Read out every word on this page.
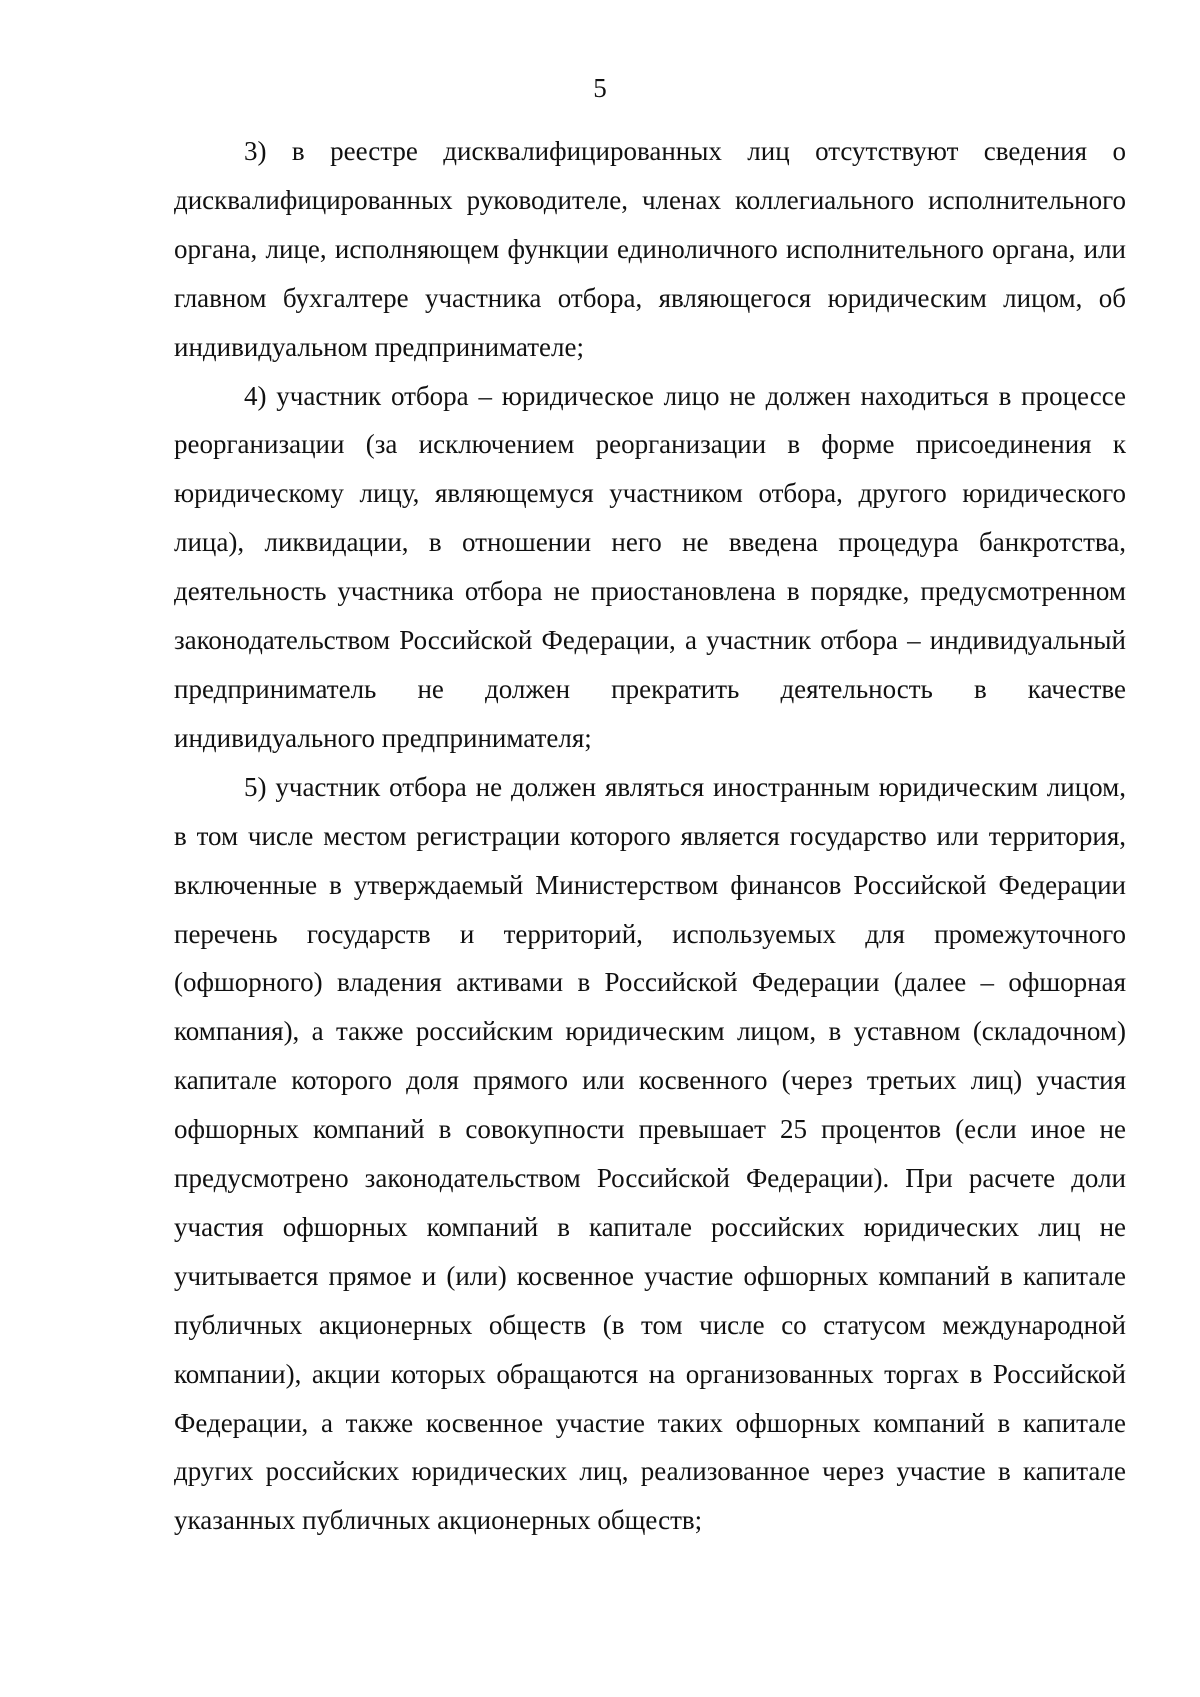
5

3) в реестре дисквалифицированных лиц отсутствуют сведения о дисквалифицированных руководителе, членах коллегиального исполнительного органа, лице, исполняющем функции единоличного исполнительного органа, или главном бухгалтере участника отбора, являющегося юридическим лицом, об индивидуальном предпринимателе;

4) участник отбора – юридическое лицо не должен находиться в процессе реорганизации (за исключением реорганизации в форме присоединения к юридическому лицу, являющемуся участником отбора, другого юридического лица), ликвидации, в отношении него не введена процедура банкротства, деятельность участника отбора не приостановлена в порядке, предусмотренном законодательством Российской Федерации, а участник отбора – индивидуальный предприниматель не должен прекратить деятельность в качестве индивидуального предпринимателя;

5) участник отбора не должен являться иностранным юридическим лицом, в том числе местом регистрации которого является государство или территория, включенные в утверждаемый Министерством финансов Российской Федерации перечень государств и территорий, используемых для промежуточного (офшорного) владения активами в Российской Федерации (далее – офшорная компания), а также российским юридическим лицом, в уставном (складочном) капитале которого доля прямого или косвенного (через третьих лиц) участия офшорных компаний в совокупности превышает 25 процентов (если иное не предусмотрено законодательством Российской Федерации). При расчете доли участия офшорных компаний в капитале российских юридических лиц не учитывается прямое и (или) косвенное участие офшорных компаний в капитале публичных акционерных обществ (в том числе со статусом международной компании), акции которых обращаются на организованных торгах в Российской Федерации, а также косвенное участие таких офшорных компаний в капитале других российских юридических лиц, реализованное через участие в капитале указанных публичных акционерных обществ;
